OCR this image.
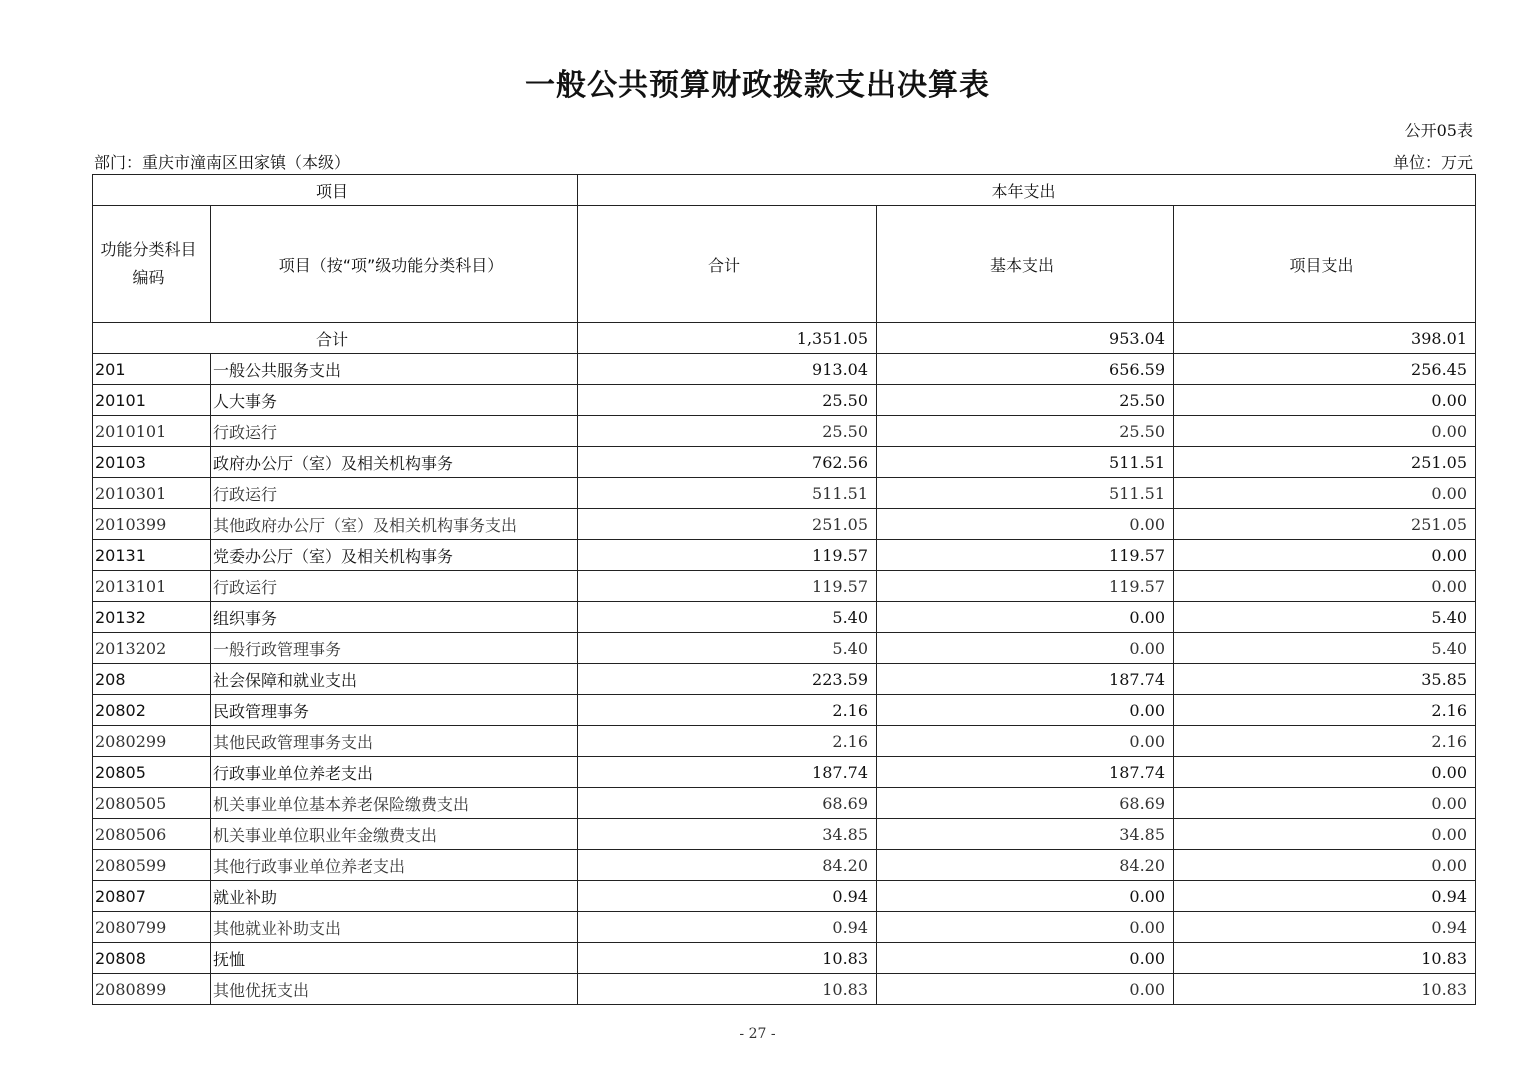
一般公共预算财政拨款支出决算表
公开05表
部门：重庆市潼南区田家镇（本级）	单位：万元
项目		本年支出		
功能分类科目编码	项目（按“项”级功能分类科目）	合计	基本支出	项目支出
合计		1,351.05	953.04	398.01
201	一般公共服务支出	913.04	656.59	256.45
20101	人大事务	25.50	25.50	0.00
2010101	行政运行	25.50	25.50	0.00
20103	政府办公厅（室）及相关机构事务	762.56	511.51	251.05
2010301	行政运行	511.51	511.51	0.00
2010399	其他政府办公厅（室）及相关机构事务支出	251.05	0.00	251.05
20131	党委办公厅（室）及相关机构事务	119.57	119.57	0.00
2013101	行政运行	119.57	119.57	0.00
20132	组织事务	5.40	0.00	5.40
2013202	一般行政管理事务	5.40	0.00	5.40
208	社会保障和就业支出	223.59	187.74	35.85
20802	民政管理事务	2.16	0.00	2.16
2080299	其他民政管理事务支出	2.16	0.00	2.16
20805	行政事业单位养老支出	187.74	187.74	0.00
2080505	机关事业单位基本养老保险缴费支出	68.69	68.69	0.00
2080506	机关事业单位职业年金缴费支出	34.85	34.85	0.00
2080599	其他行政事业单位养老支出	84.20	84.20	0.00
20807	就业补助	0.94	0.00	0.94
2080799	其他就业补助支出	0.94	0.00	0.94
20808	抚恤	10.83	0.00	10.83
2080899	其他优抚支出	10.83	0.00	10.83
- 27 -
